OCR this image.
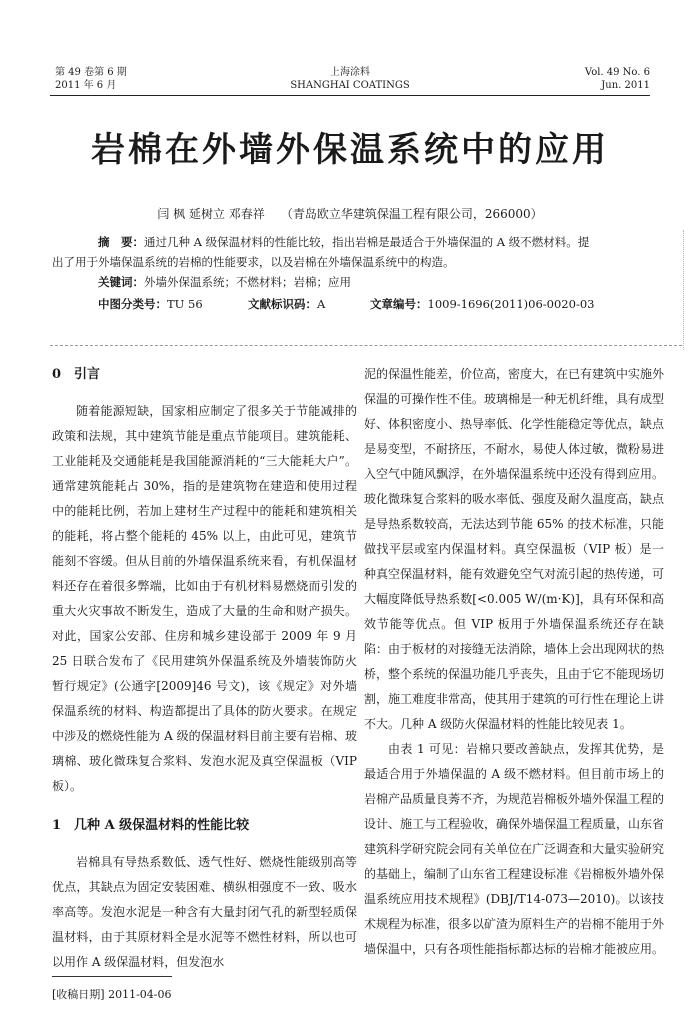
第 49 卷第 6 期
2011 年 6 月
上海涂料
SHANGHAI COATINGS
Vol. 49 No. 6
Jun. 2011
岩棉在外墙外保温系统中的应用
闫 枫 延树立 邓春祥 （青岛欧立华建筑保温工程有限公司，266000）
摘　要：通过几种 A 级保温材料的性能比较，指出岩棉是最适合于外墙保温的 A 级不燃材料。提
出了用于外墙保温系统的岩棉的性能要求，以及岩棉在外墙保温系统中的构造。
关键词：外墙外保温系统；不燃材料；岩棉；应用
中图分类号：TU 56	文献标识码：A	文章编号：1009-1696(2011)06-0020-03

0　引言

随着能源短缺，国家相应制定了很多关于节能减排的政策和法规，其中建筑节能是重点节能项目。建筑能耗、工业能耗及交通能耗是我国能源消耗的“三大能耗大户”。通常建筑能耗占 30%，指的是建筑物在建造和使用过程中的能耗比例，若加上建材生产过程中的能耗和建筑相关的能耗，将占整个能耗的 45% 以上，由此可见，建筑节能刻不容缓。但从目前的外墙保温系统来看，有机保温材料还存在着很多弊端，比如由于有机材料易燃烧而引发的重大火灾事故不断发生，造成了大量的生命和财产损失。对此，国家公安部、住房和城乡建设部于 2009 年 9 月 25 日联合发布了《民用建筑外保温系统及外墙装饰防火暂行规定》(公通字[2009]46 号文)，该《规定》对外墙保温系统的材料、构造都提出了具体的防火要求。在规定中涉及的燃烧性能为 A 级的保温材料目前主要有岩棉、玻璃棉、玻化微珠复合浆料、发泡水泥及真空保温板（VIP 板）。

1　几种 A 级保温材料的性能比较

岩棉具有导热系数低、透气性好、燃烧性能级别高等优点，其缺点为固定安装困难、横纵相强度不一致、吸水率高等。发泡水泥是一种含有大量封闭气孔的新型轻质保温材料，由于其原材料全是水泥等不燃性材料，所以也可以用作 A 级保温材料，但发泡水

泥的保温性能差，价位高，密度大，在已有建筑中实施外保温的可操作性不佳。玻璃棉是一种无机纤维，具有成型好、体积密度小、热导率低、化学性能稳定等优点，缺点是易变型，不耐挤压，不耐水，易使人体过敏，微粉易进入空气中随风飘浮，在外墙保温系统中还没有得到应用。玻化微珠复合浆料的吸水率低、强度及耐久温度高，缺点是导热系数较高，无法达到节能 65% 的技术标准，只能做找平层或室内保温材料。真空保温板（VIP 板）是一种真空保温材料，能有效避免空气对流引起的热传递，可大幅度降低导热系数[<0.005 W/(m·K)]，具有环保和高效节能等优点。但 VIP 板用于外墙保温系统还存在缺陷：由于板材的对接缝无法消除，墙体上会出现网状的热桥，整个系统的保温功能几乎丧失，且由于它不能现场切割，施工难度非常高，使其用于建筑的可行性在理论上讲不大。几种 A 级防火保温材料的性能比较见表 1。

由表 1 可见：岩棉只要改善缺点，发挥其优势，是最适合用于外墙保温的 A 级不燃材料。但目前市场上的岩棉产品质量良莠不齐，为规范岩棉板外墙外保温工程的设计、施工与工程验收，确保外墙保温工程质量，山东省建筑科学研究院会同有关单位在广泛调查和大量实验研究的基础上，编制了山东省工程建设标准《岩棉板外墙外保温系统应用技术规程》(DBJ/T14-073—2010)。以该技术规程为标准，很多以矿渣为原料生产的岩棉不能用于外墙保温中，只有各项性能指标都达标的岩棉才能被应用。

[收稿日期] 2011-04-06
